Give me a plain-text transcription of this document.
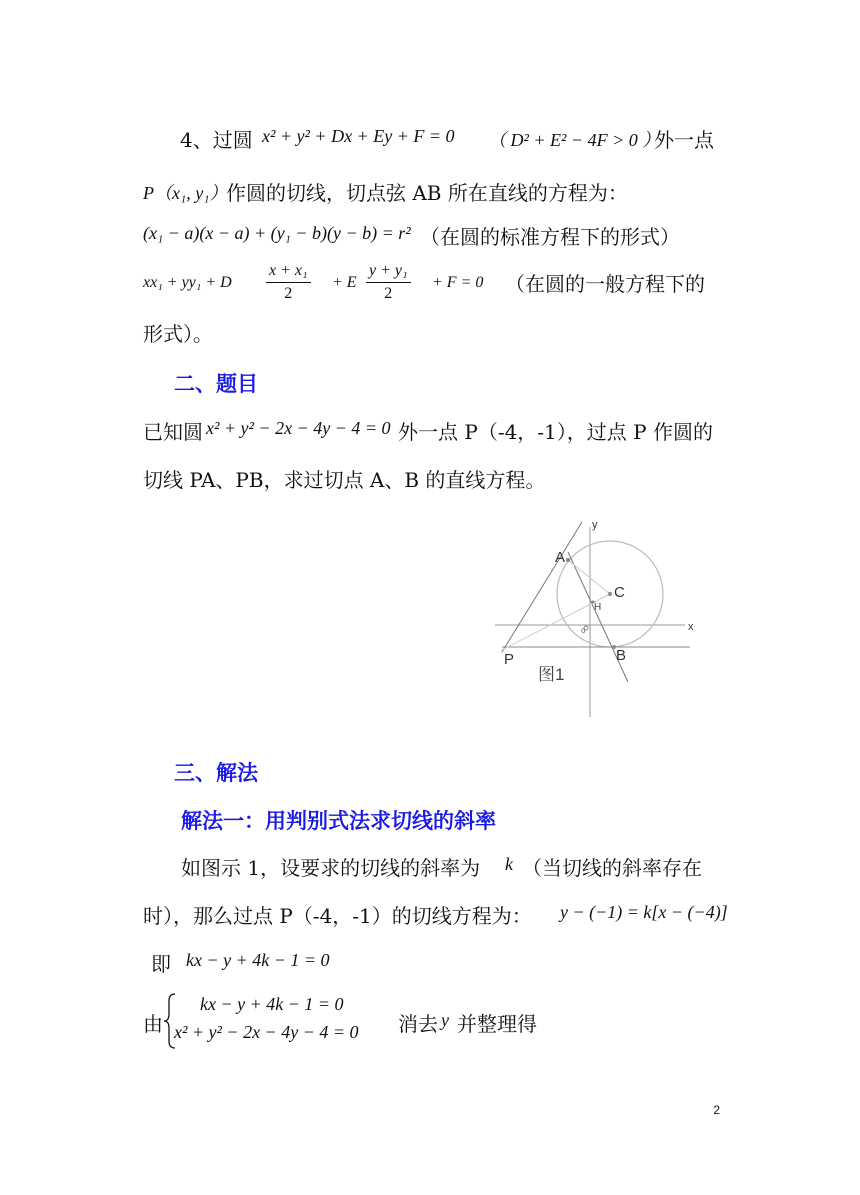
4、过圆 x² + y² + Dx + Ey + F = 0 （ D² + E² − 4F > 0 ）
外一点
P（x₁, y₁）
作圆的切线，切点弦 AB 所在直线的方程为：
(x₁ − a)(x − a) + (y₁ − b)(y − b) = r² （在圆的标准方程下的形式）
xx₁ + yy₁ + D $\frac{\text{x + x₁}}{2} + E \frac{\text{y + y₁}}{2} + F = 0$ （在圆的一般方程下的
形式）。
二、题目
已知圆 x² + y² − 2x − 4y − 4 = 0 外一点 P（-4，-1），过点 P 作圆的
切线 PA、PB，求过切点 A、B 的直线方程。
y
x
A
C
H
B
P
o
图1
三、解法
解法一：用判别式法求切线的斜率
如图示 1，设要求的切线的斜率为 k （当切线的斜率存在
时），那么过点 P（-4，-1）的切线方程为： y − (−1) = k[x − (−4)]
即 kx − y + 4k − 1 = 0
由
kx − y + 4k − 1 = 0
x² + y² − 2x − 4y − 4 = 0 消去 y 并整理得
2
